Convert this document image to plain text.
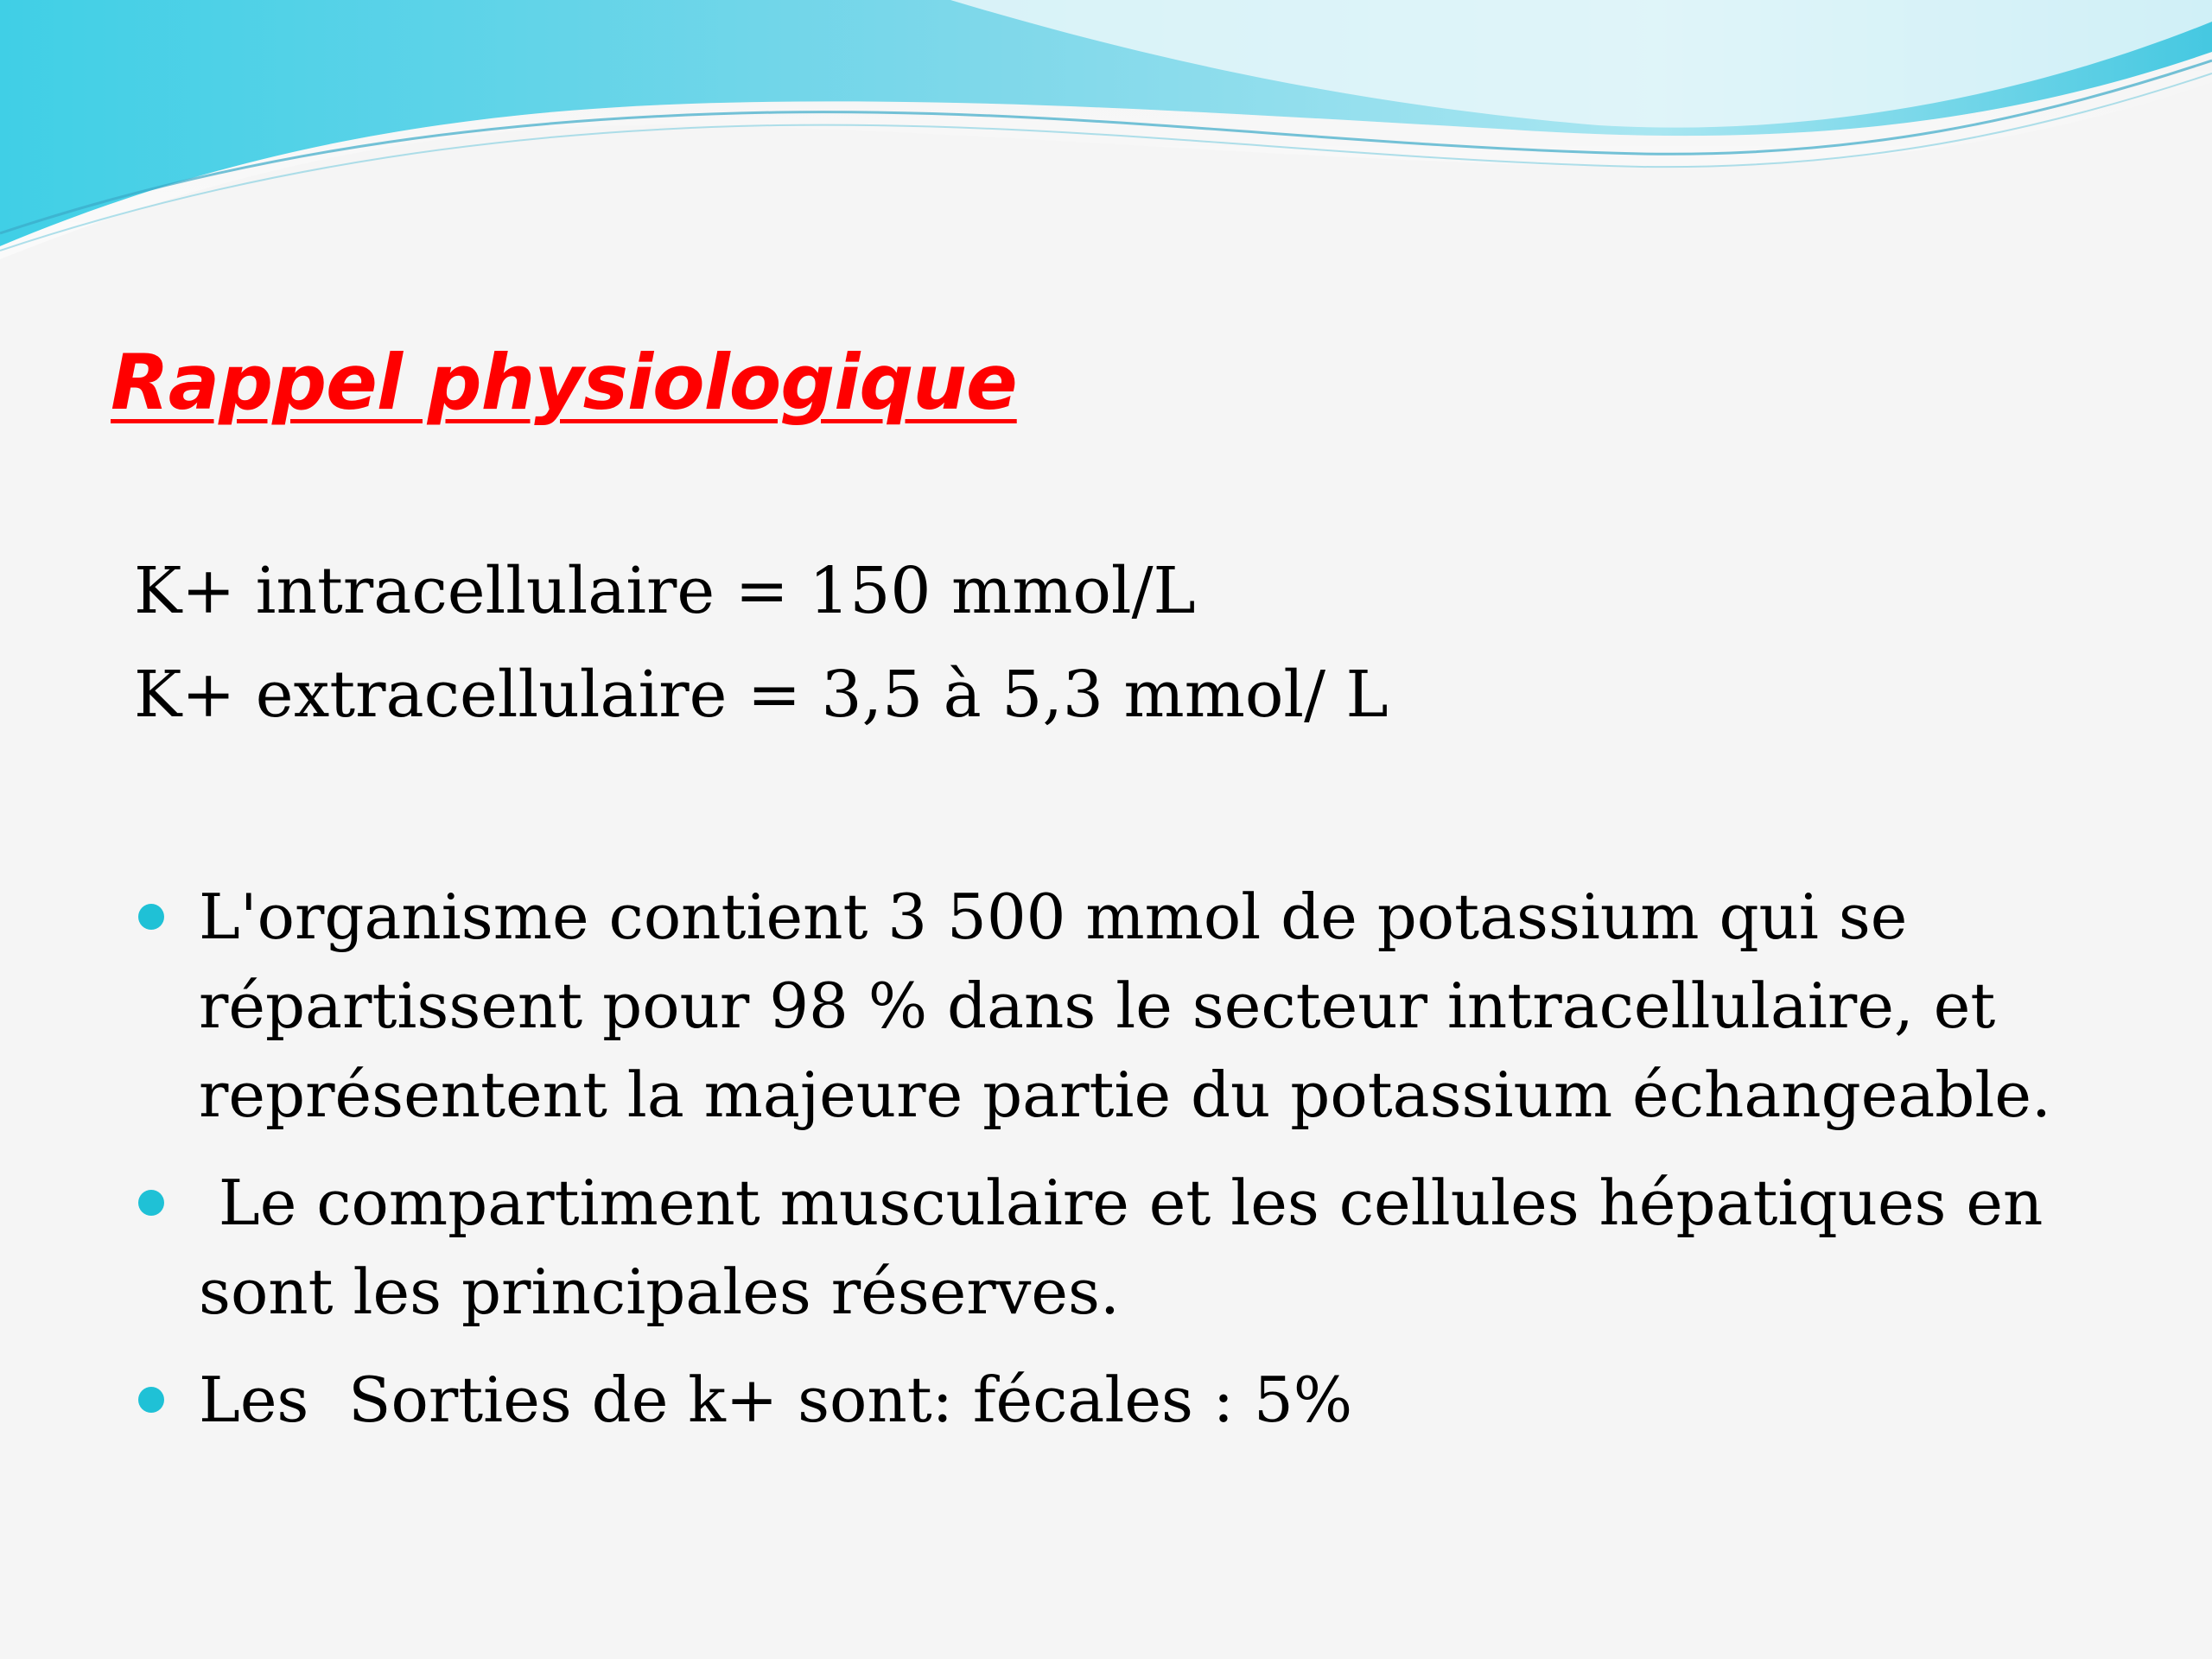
Rappel physiologique

K+ intracellulaire = 150 mmol/L

K+ extracellulaire = 3,5 à 5,3 mmol/ L

L'organisme contient 3 500 mmol de potassium qui se répartissent pour 98 % dans le secteur intracellulaire, et représentent la majeure partie du potassium échangeable.
Le compartiment musculaire et les cellules hépatiques en sont les principales réserves.
Les  Sorties de k+ sont: fécales : 5%
